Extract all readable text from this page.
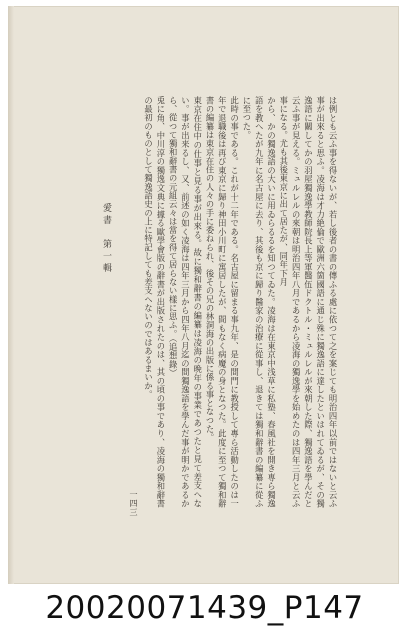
は例とも云ふ事を得ないが、若し後者の書の傳ふる處に依つて之を案じても明治四年以前ではないと云ふ事が出來ると思ふ。凌海は才力絶倫で歐洲六箇國語に通じ殊に獨逸語に達したといはれてゐるが、その獨逸語に關してかの羽屋獨逸學教師院長上等軍醫伍ドクトル・ミュルレルが來朝した際、獨逸語を學んだと云ふ事が見える。ミュルレルの來朝は明治四年八月であるから凌海の獨逸學を始めたのは四年三月と云ふ事になる。尤も其後東京に出て居たが、同年下月

から、かの獨逸語の大いに用ゐらるるを知つてゐた。凌海は在東京中浅草に私塾、春風社を開き専ら獨逸語を教へたが九年に名古屋に去り、其後も京に歸り醫家の治療に從事し、退きては獨和辭書の編纂に從ふに至つた。

此時の事である。これが十二年である。名古屋に留まる事九年、是の間門に教授して專ら活動したのは一年で退職後は再び東京に歸り神田小川町に寓居したが、間もなく病魔の身となつた。此度に至つて獨和辭書の編纂は東京在住の人々の手に委ねられ、後その兄の林洞海の出版に係る事となつた。

東京在住中の仕事と見る事が出來る。故に獨和辭書の編纂は凌海の晩年の事業であつたと見て差支へない。事が出来るし、又、前述の如く凌海は四年三月から四年八月迄の間獨逸語を學んだ事が明かであるから、從つて獨和辭書の元組云々は當を得て居らない樣に思ふ。（追想錄）

兎に角、中川淳の獨逸文典に據る歐學會版の辭書が出版されたのは、其の頃の事であり、凌海の獨和辭書の最初のものとして獨逸語史の上に特記しても差支へないのではあるまいか。

愛書　第一輯
一四三
20020071439_P147
